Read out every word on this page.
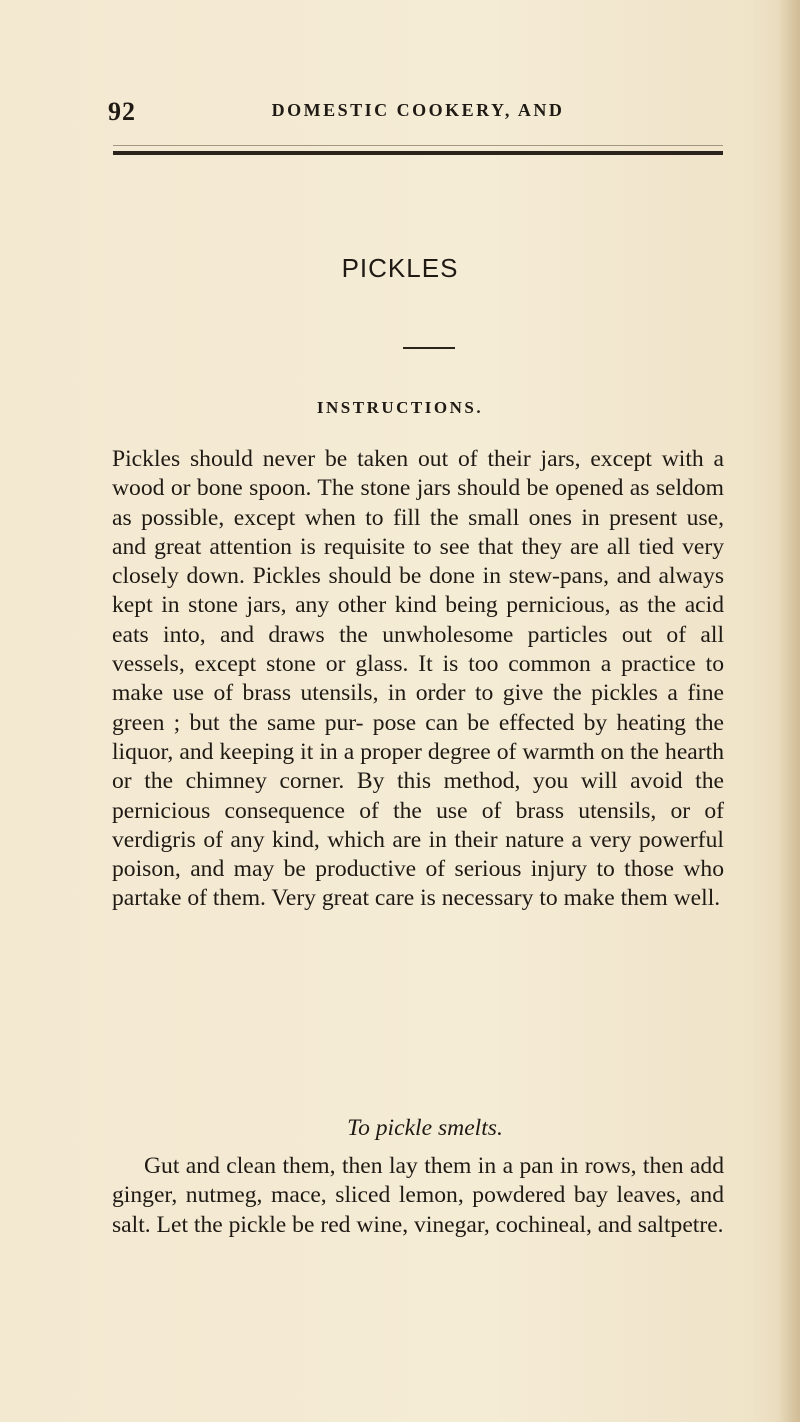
92	DOMESTIC COOKERY, AND
PICKLES
INSTRUCTIONS.

Pickles should never be taken out of their jars, except with a wood or bone spoon. The stone jars should be opened as seldom as possible, except when to fill the small ones in present use, and great attention is requisite to see that they are all tied very closely down. Pickles should be done in stew-pans, and always kept in stone jars, any other kind being pernicious, as the acid eats into, and draws the unwholesome particles out of all vessels, except stone or glass. It is too common a practice to make use of brass utensils, in order to give the pickles a fine green ; but the same pur- pose can be effected by heating the liquor, and keeping it in a proper degree of warmth on the hearth or the chimney corner. By this method, you will avoid the pernicious consequence of the use of brass utensils, or of verdigris of any kind, which are in their nature a very powerful poison, and may be productive of serious injury to those who partake of them. Very great care is necessary to make them well.

To pickle smelts.

Gut and clean them, then lay them in a pan in rows, then add ginger, nutmeg, mace, sliced lemon, powdered bay leaves, and salt. Let the pickle be red wine, vinegar, cochineal, and saltpetre.
